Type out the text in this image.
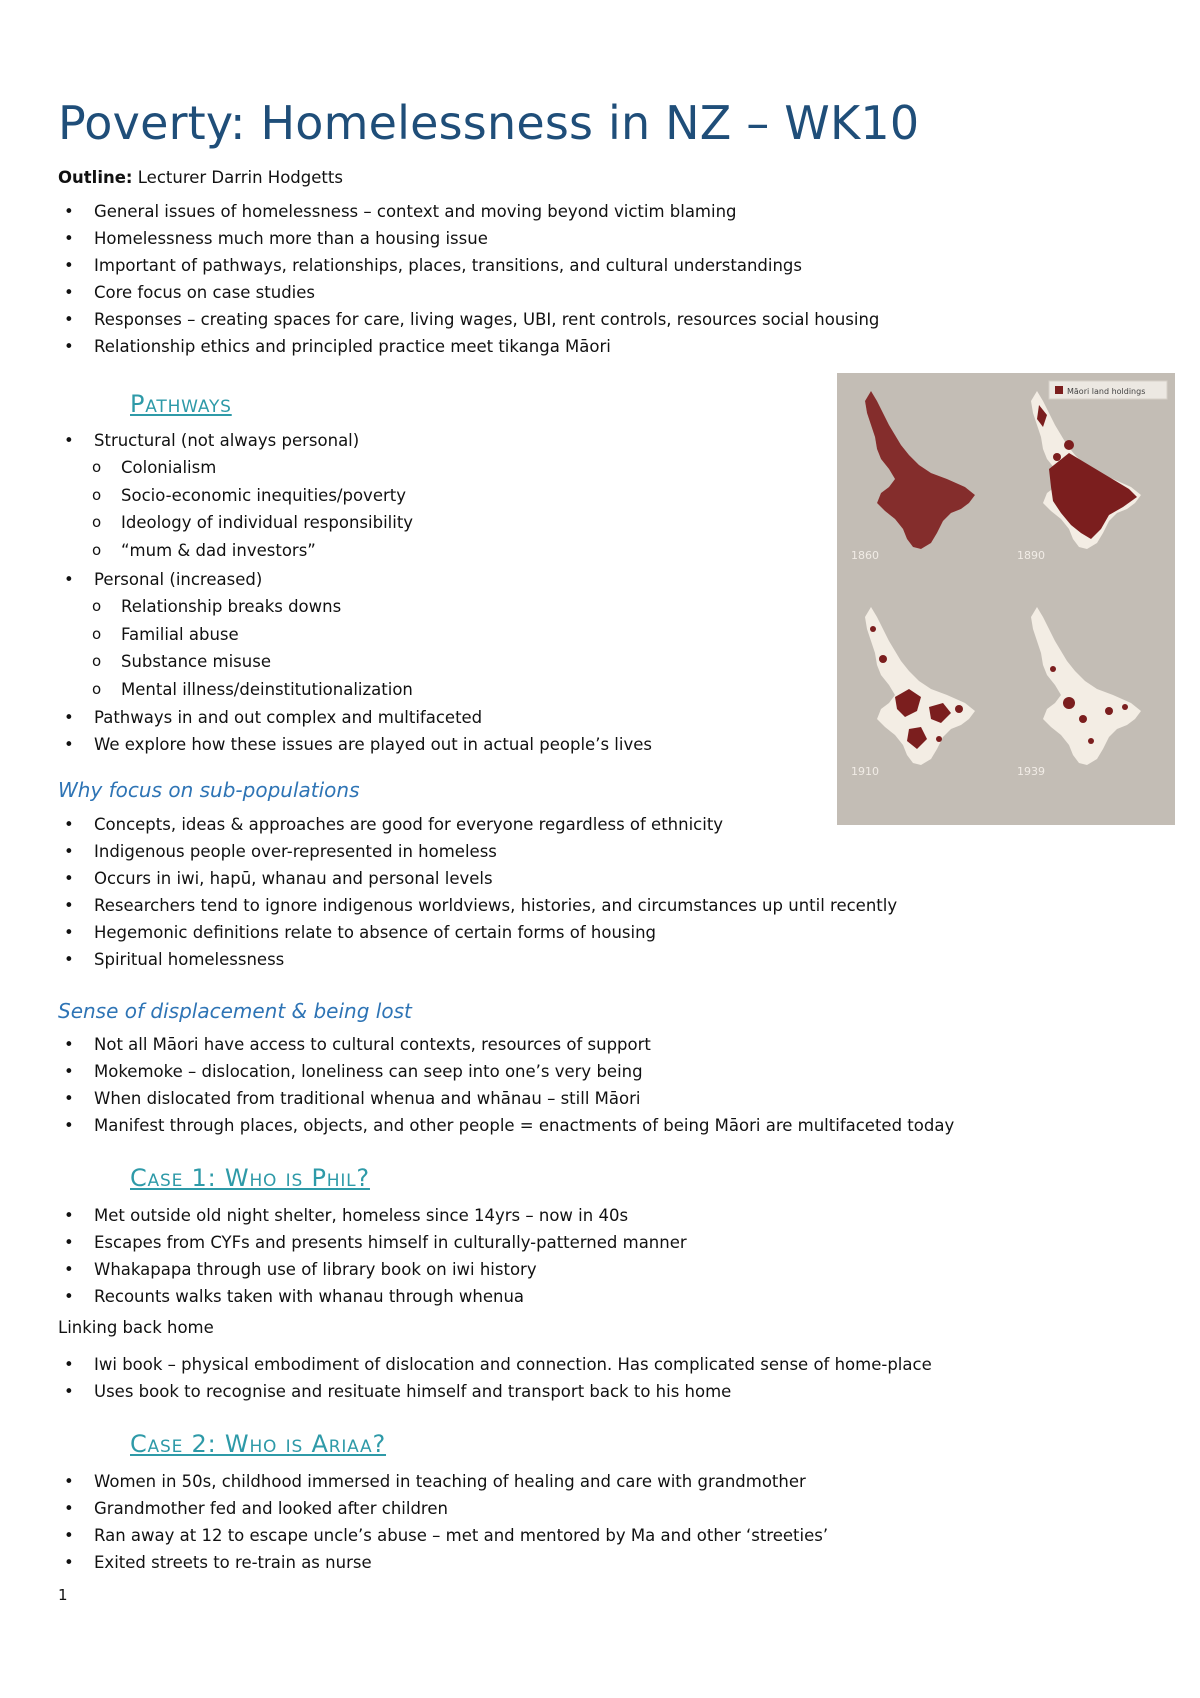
Poverty: Homelessness in NZ – WK10
Outline: Lecturer Darrin Hodgetts
• General issues of homelessness – context and moving beyond victim blaming
• Homelessness much more than a housing issue
• Important of pathways, relationships, places, transitions, and cultural understandings
• Core focus on case studies
• Responses – creating spaces for care, living wages, UBI, rent controls, resources social housing
• Relationship ethics and principled practice meet tikanga Māori
Pathways
• Structural (not always personal)
o Colonialism
o Socio-economic inequities/poverty
o Ideology of individual responsibility
o “mum & dad investors”
• Personal (increased)
o Relationship breaks downs
o Familial abuse
o Substance misuse
o Mental illness/deinstitutionalization
• Pathways in and out complex and multifaceted
• We explore how these issues are played out in actual people’s lives
Why focus on sub-populations
• Concepts, ideas & approaches are good for everyone regardless of ethnicity
• Indigenous people over-represented in homeless
• Occurs in iwi, hapū, whanau and personal levels
• Researchers tend to ignore indigenous worldviews, histories, and circumstances up until recently
• Hegemonic definitions relate to absence of certain forms of housing
• Spiritual homelessness
Sense of displacement & being lost
• Not all Māori have access to cultural contexts, resources of support
• Mokemoke – dislocation, loneliness can seep into one’s very being
• When dislocated from traditional whenua and whānau – still Māori
• Manifest through places, objects, and other people = enactments of being Māori are multifaceted today
Case 1: Who is Phil?
• Met outside old night shelter, homeless since 14yrs – now in 40s
• Escapes from CYFs and presents himself in culturally-patterned manner
• Whakapapa through use of library book on iwi history
• Recounts walks taken with whanau through whenua
Linking back home
• Iwi book – physical embodiment of dislocation and connection. Has complicated sense of home-place
• Uses book to recognise and resituate himself and transport back to his home
Case 2: Who is Ariaa?
• Women in 50s, childhood immersed in teaching of healing and care with grandmother
• Grandmother fed and looked after children
• Ran away at 12 to escape uncle’s abuse – met and mentored by Ma and other ‘streeties’
• Exited streets to re-train as nurse
1
Māori land holdings
1860	1890
1910	1939
